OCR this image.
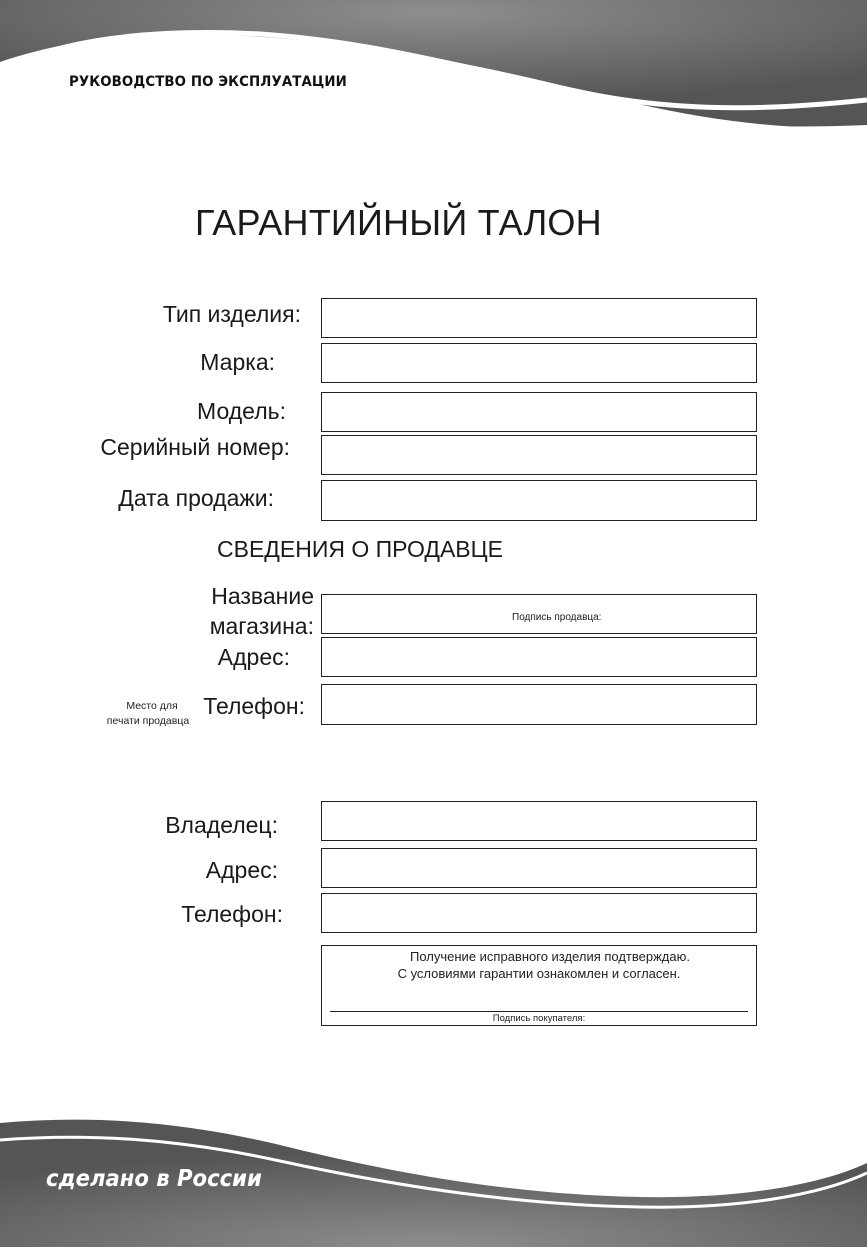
РУКОВОДСТВО ПО ЭКСПЛУАТАЦИИ
ГАРАНТИЙНЫЙ ТАЛОН
Тип изделия:
Марка:
Модель:
Серийный номер:
Дата продажи:
СВЕДЕНИЯ О ПРОДАВЦЕ
Название
магазина:	Подпись продавца:
Адрес:
Место для
печати продавца
Телефон:
Владелец:
Адрес:
Телефон:
Получение исправного изделия подтверждаю.
С условиями гарантии ознакомлен и согласен.
Подпись покупателя:
сделано в России
